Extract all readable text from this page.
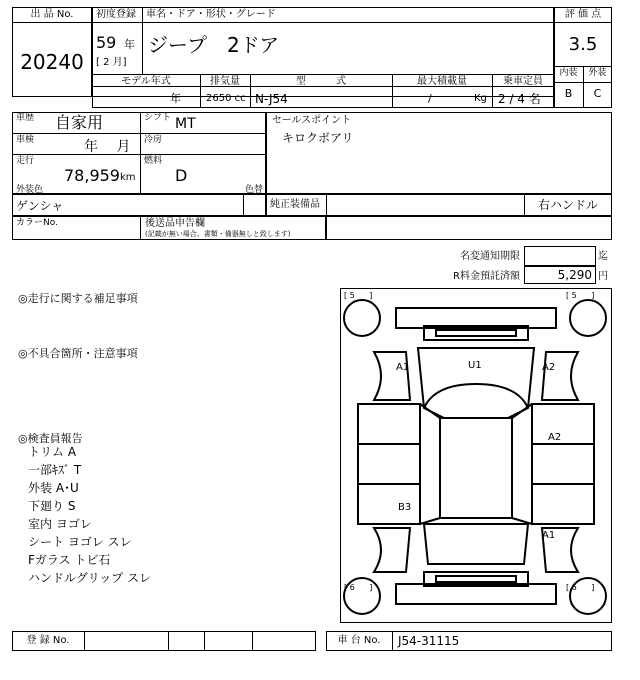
出 品 No.
20240
初度登録 車名・ドア・形状・グレード
59 年
[ 2 月]
ジープ　2ドア
モデル年式	排気量	型　　　式	最大積載量	乗車定員
年	2650 cc N-J54	/	Kg 2 / 4 名
評 価 点
3.5
内装	外装
B	C
車歴 自家用	シフト MT
車検	年　 月 冷房
走行
78,959 km
燃料
D
セールスポイント
キロクボアリ
外装色
ゲンシャ
色替
純正装備品	右ハンドル
カラーNo.	後送品申告欄
(記載が無い場合、書類・備器無しと致します)
名変通知期限	迄
R料金預託済額	5,290 円
◎走行に関する補足事項
◎不具合箇所・注意事項
◎検査員報告
トリム A
一部ｷｽﾞ T
外装 A･U
下廻り S
室内 ヨゴレ
シート ヨゴレ スレ
Fガラス トビ石
ハンドルグリップ スレ
[ 5 ]	[ 5 ]
[ 6 ]	[ 6 ]
A1	U1	A2
A2
B3
A1
登 録 No.	車 台 No.	J54-31115
